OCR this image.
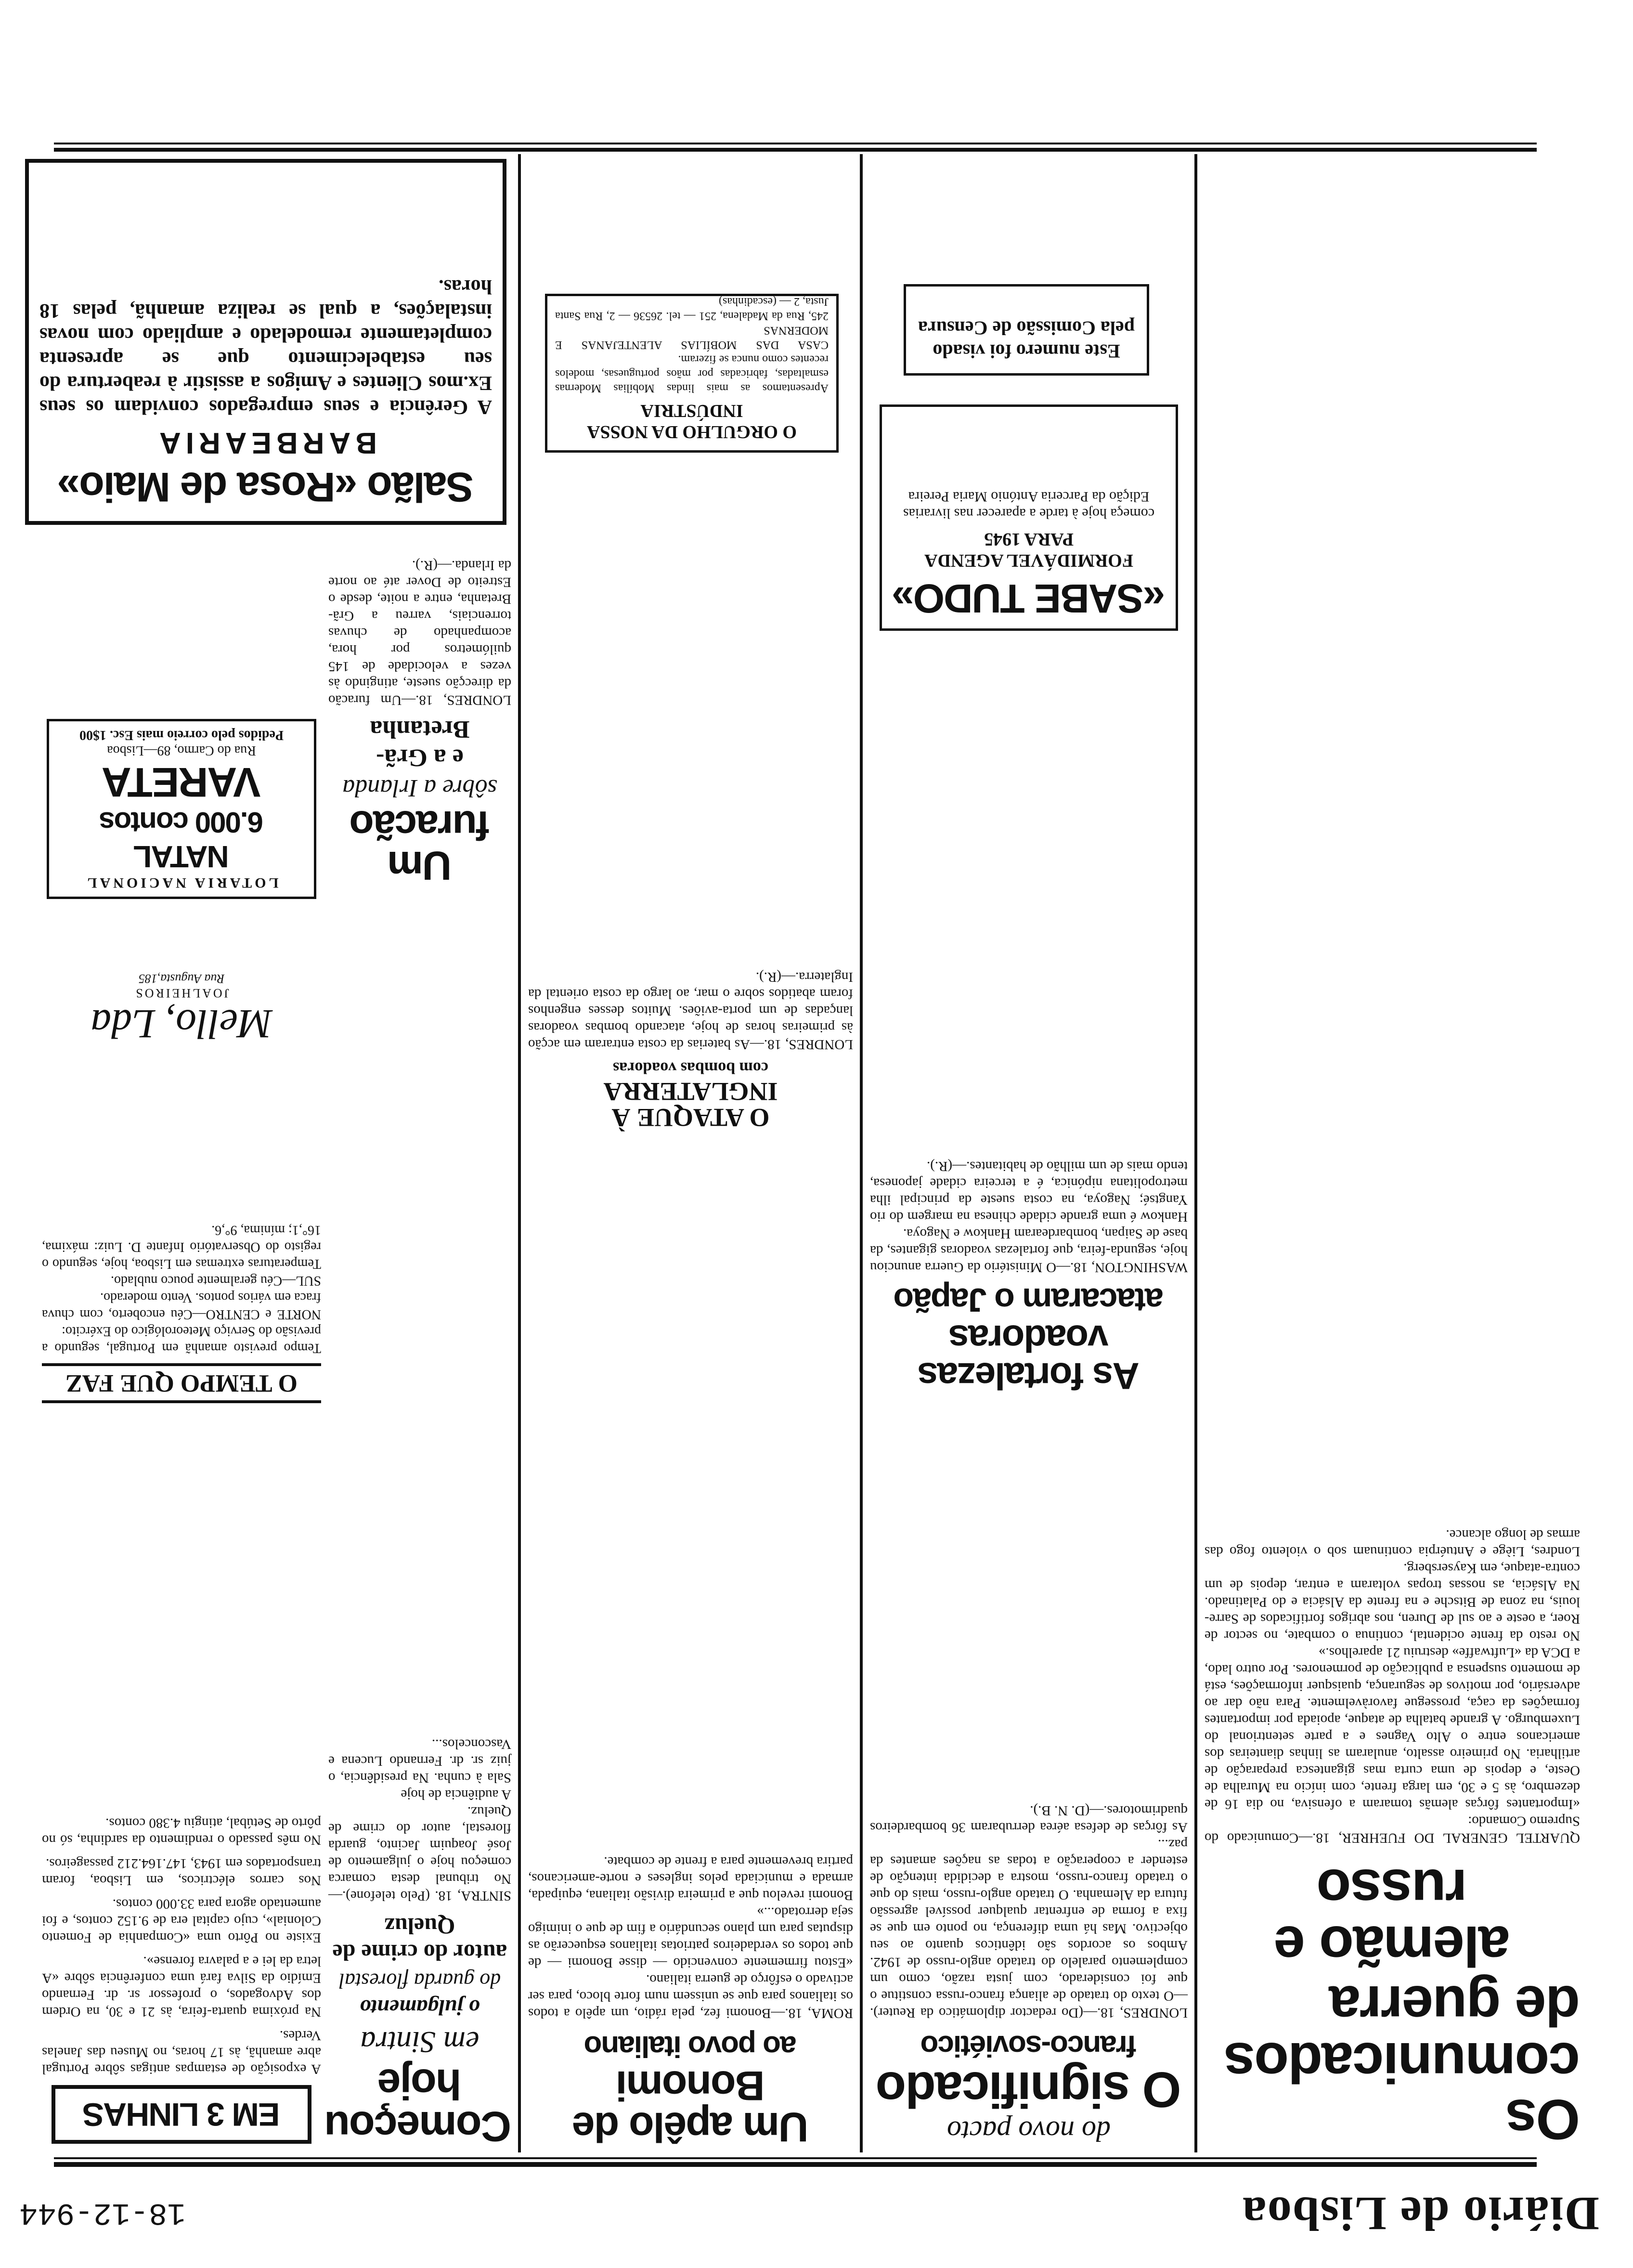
Diário de Lisboa
18-12-944
Os comunicados de guerra
alemão e russo

QUARTEL GENERAL DO FUEHRER, 18.—Comunicado do Supremo Comando:
«Importantes fôrças alemãs tomaram a ofensiva, no dia 16 de dezembro, às 5 e 30, em larga frente, com início na Muralha de Oeste, e depois de uma curta mas gigantesca preparação de artilharia. No primeiro assalto, anularam as linhas dianteiras dos americanos entre o Alto Vagnes e a parte setentrional do Luxemburgo. A grande batalha de ataque, apoiada por importantes formações da caça, prossegue favoràvelmente. Para não dar ao adversário, por motivos de segurança, quaisquer informações, está de momento suspensa a publicação de pormenores. Por outro lado, a DCA da «Luftwaffe» destruiu 21 aparelhos.»
No resto da frente ocidental, continua o combate, no sector de Roer, a oeste e ao sul de Duren, nos abrigos fortificados de Sarre-louis, na zona de Bitsche e na frente da Alsácia e do Palatinado. Na Alsácia, as nossas tropas voltaram a entrar, depois de um contra-ataque, em Kaysersberg.
Londres, Liège e Antuérpia continuam sob o violento fogo das armas de longo alcance.

do novo pacto
O significado
franco-soviético

LONDRES, 18.—(Do redactor diplomático da Reuter).—O texto do tratado de aliança franco-russa constitue o que foi considerado, com justa razão, como um complemento paralelo do tratado anglo-russo de 1942. Ambos os acordos são idênticos quanto ao seu objectivo. Mas há uma diferença, no ponto em que se fixa a forma de enfrentar qualquer possível agressão futura da Alemanha. O tratado anglo-russo, mais do que o tratado franco-russo, mostra a decidida intenção de estender a cooperação a todas as nações amantes da paz...
As fôrças de defesa aérea derrubaram 36 bombardeiros quadrimotores.—(D. N. B.).

As fortalezas voadoras
atacaram o Japão

WASHINGTON, 18.—O Ministério da Guerra anunciou hoje, segunda-feira, que fortalezas voadoras gigantes, da base de Saipan, bombardearam Hankow e Nagoya.
Hankow é uma grande cidade chinesa na margem do rio Yangtsé; Nagoya, na costa sueste da principal ilha metropolitana nipónica, é a terceira cidade japonesa, tendo mais de um milhão de habitantes.—(R.).

«SABE TUDO»
FORMIDÁVEL AGENDA
PARA 1945

começa hoje à tarde a aparecer nas livrarias
Edição da Parceria António Maria Pereira

Este numero foi visado pela Comissão de Censura
Um apêlo de Bonomi
ao povo italiano

ROMA, 18.—Bonomi fez, pela rádio, um apêlo a todos os italianos para que se unissem num forte bloco, para ser activado o esfôrço de guerra italiano.
«Estou firmemente convencido — disse Bonomi — de que todos os verdadeiros patriotas italianos esquecerão as disputas para um plano secundário a fim de que o inimigo seja derrotado...»
Bonomi revelou que a primeira divisão italiana, equipada, armada e municiada pelos ingleses e norte-americanos, partira brevemente para a frente de combate.

O ATAQUE À INGLATERRA
com bombas voadoras

LONDRES, 18.—As baterias da costa entraram em acção às primeiras horas de hoje, atacando bombas voadoras lançadas de um porta-aviões. Muitos desses engenhos foram abatidos sobre o mar, ao largo da costa oriental da Inglaterra.—(R.).

O ORGULHO DA NOSSA INDÚSTRIA

Apresentamos as mais lindas Mobílias Modernas esmaltadas, fabricadas por mãos portuguesas, modelos recentes como nunca se fizeram.
CASA DAS MOBÍLIAS ALENTEJANAS E MODERNAS
245, Rua da Madalena, 251 — tel. 26536 — 2, Rua Santa Justa, 2 — (escadinhas)

Começou hoje
em Sintra
o julgamento
do guarda florestal
autor do crime de Queluz

SINTRA, 18. (Pelo telefone).—No tribunal desta comarca começou hoje o julgamento de José Joaquim Jacinto, guarda florestal, autor do crime de Queluz.
A audiência de hoje
Sala à cunha. Na presidência, o juiz sr. dr. Fernando Lucena e Vasconcelos...

Um furacão
sôbre a Irlanda
e a Grã-Bretanha

LONDRES, 18.—Um furacão da direcção sueste, atingindo às vezes a velocidade de 145 quilómetros por hora, acompanhado de chuvas torrenciais, varreu a Grã-Bretanha, entre a noite, desde o Estreito de Dover até ao norte da Irlanda.—(R.).

EM 3 LINHAS

A exposição de estampas antigas sôbre Portugal abre amanhã, às 17 horas, no Museu das Janelas Verdes.

Na próxima quarta-feira, às 21 e 30, na Ordem dos Advogados, o professor sr. dr. Fernando Emídio da Silva fará uma conferência sôbre «A letra da lei e a palavra forense».

Existe no Pôrto uma «Companhia de Fomento Colonial», cujo capital era de 9.152 contos, e foi aumentado agora para 33.000 contos.

Nos carros eléctricos, em Lisboa, foram transportados em 1943, 147.164.212 passageiros.

No mês passado o rendimento da sardinha, só no pôrto de Setúbal, atingiu 4.380 contos.

O TEMPO QUE FAZ

Tempo previsto amanhã em Portugal, segundo a previsão do Serviço Meteorológico do Exército:
NORTE e CENTRO—Céu encoberto, com chuva fraca em vários pontos. Vento moderado.
SUL—Céu geralmente pouco nublado.
Temperaturas extremas em Lisboa, hoje, segundo o registo do Observatório Infante D. Luiz: máxima, 16°,1; mínima, 9°,6.

Mello, Lda
JOALHEIROS
Rua Augusta,185
LOTARIA NACIONAL
NATAL
6.000 contos
VARETA
Rua do Carmo, 89—Lisboa
Pedidos pelo correio mais Esc. 1$00
Salão «Rosa de Maio»
BARBEARIA

A Gerência e seus empregados convidam os seus Ex.mos Clientes e Amigos a assistir à reabertura do seu estabelecimento que se apresenta completamente remodelado e ampliado com novas instalações, a qual se realiza amanhã, pelas 18 horas.
